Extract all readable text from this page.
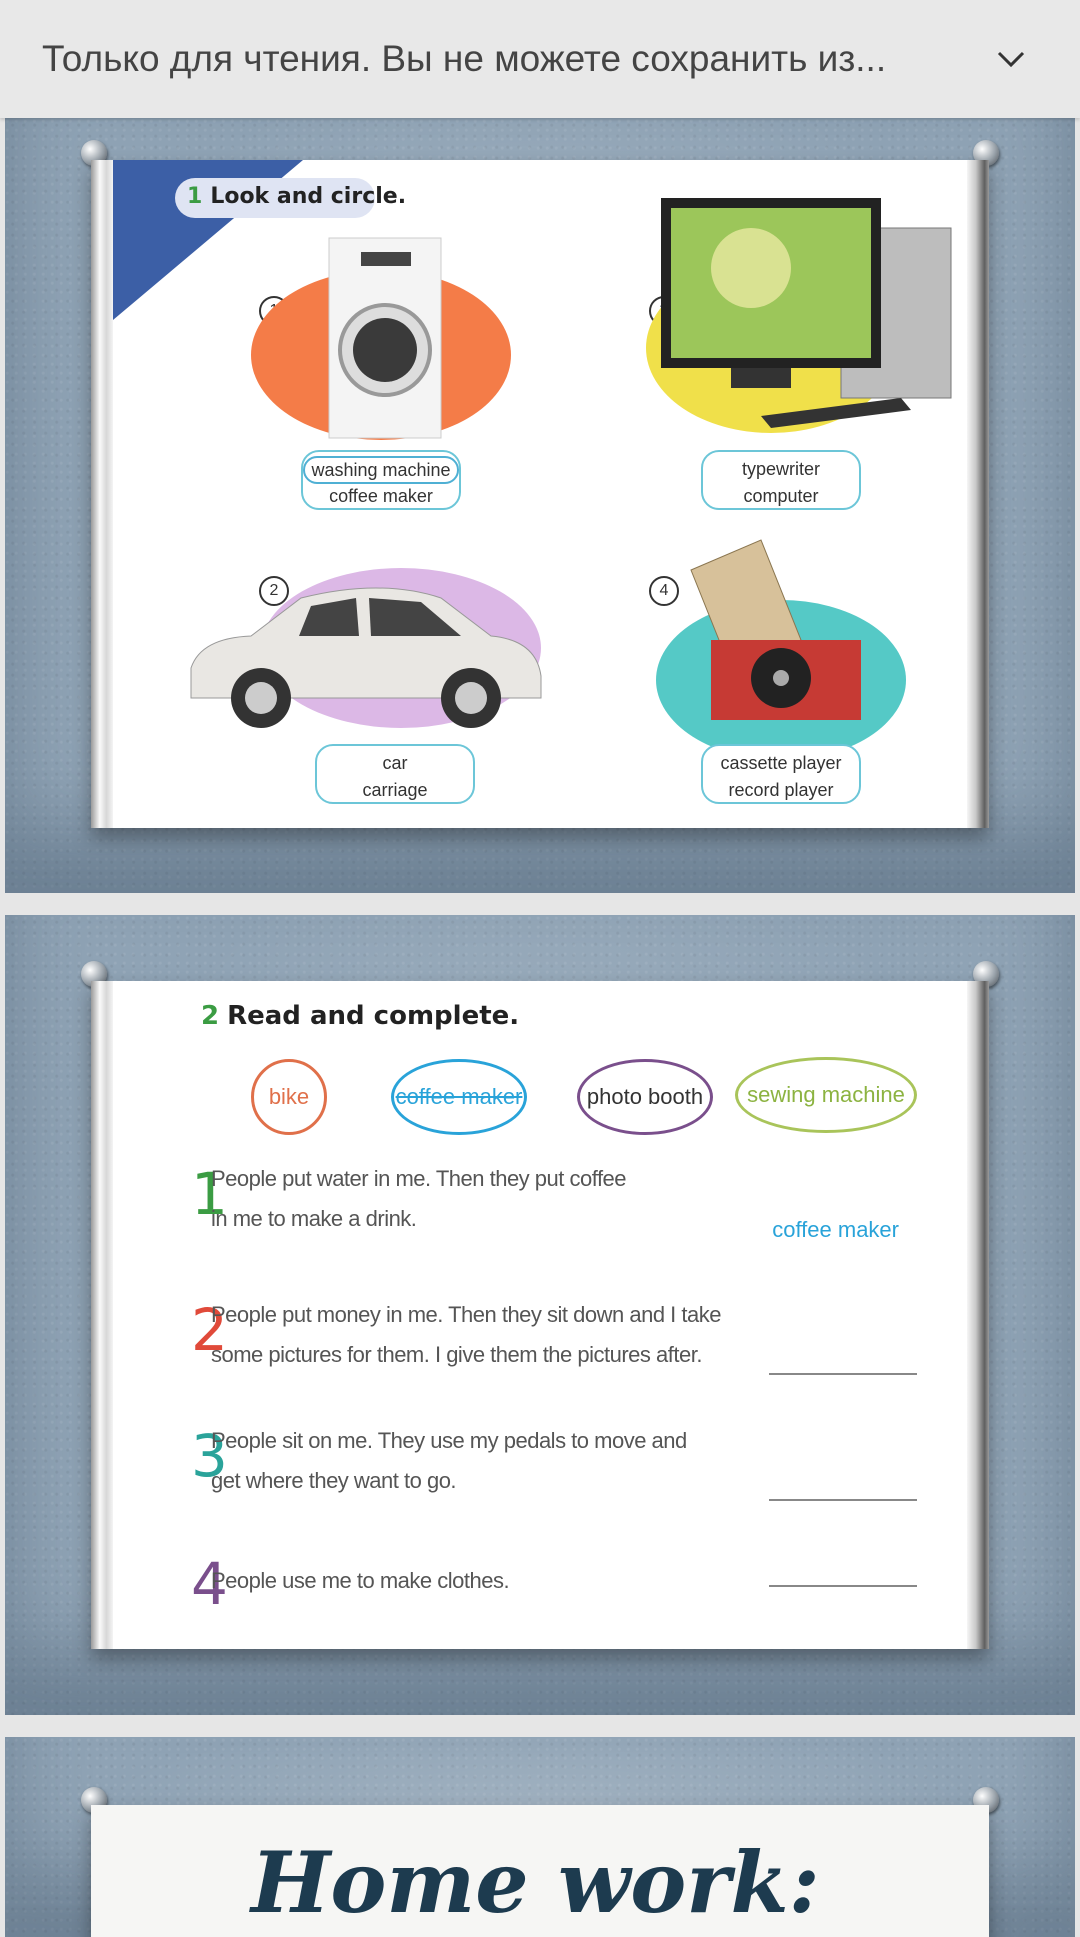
Только для чтения. Вы не можете сохранить из...
1 Look and circle.
washing machine
coffee maker
typewriter
computer
2
car
carriage
4
cassette player
record player
2 Read and complete.
bike	coffee maker	photo booth	sewing machine
1
People put water in me. Then they put coffee
in me to make a drink.	coffee maker
2
People put money in me. Then they sit down and I take
some pictures for them. I give them the pictures after.
3
People sit on me. They use my pedals to move and
get where they want to go.
4
People use me to make clothes.
Home work:
